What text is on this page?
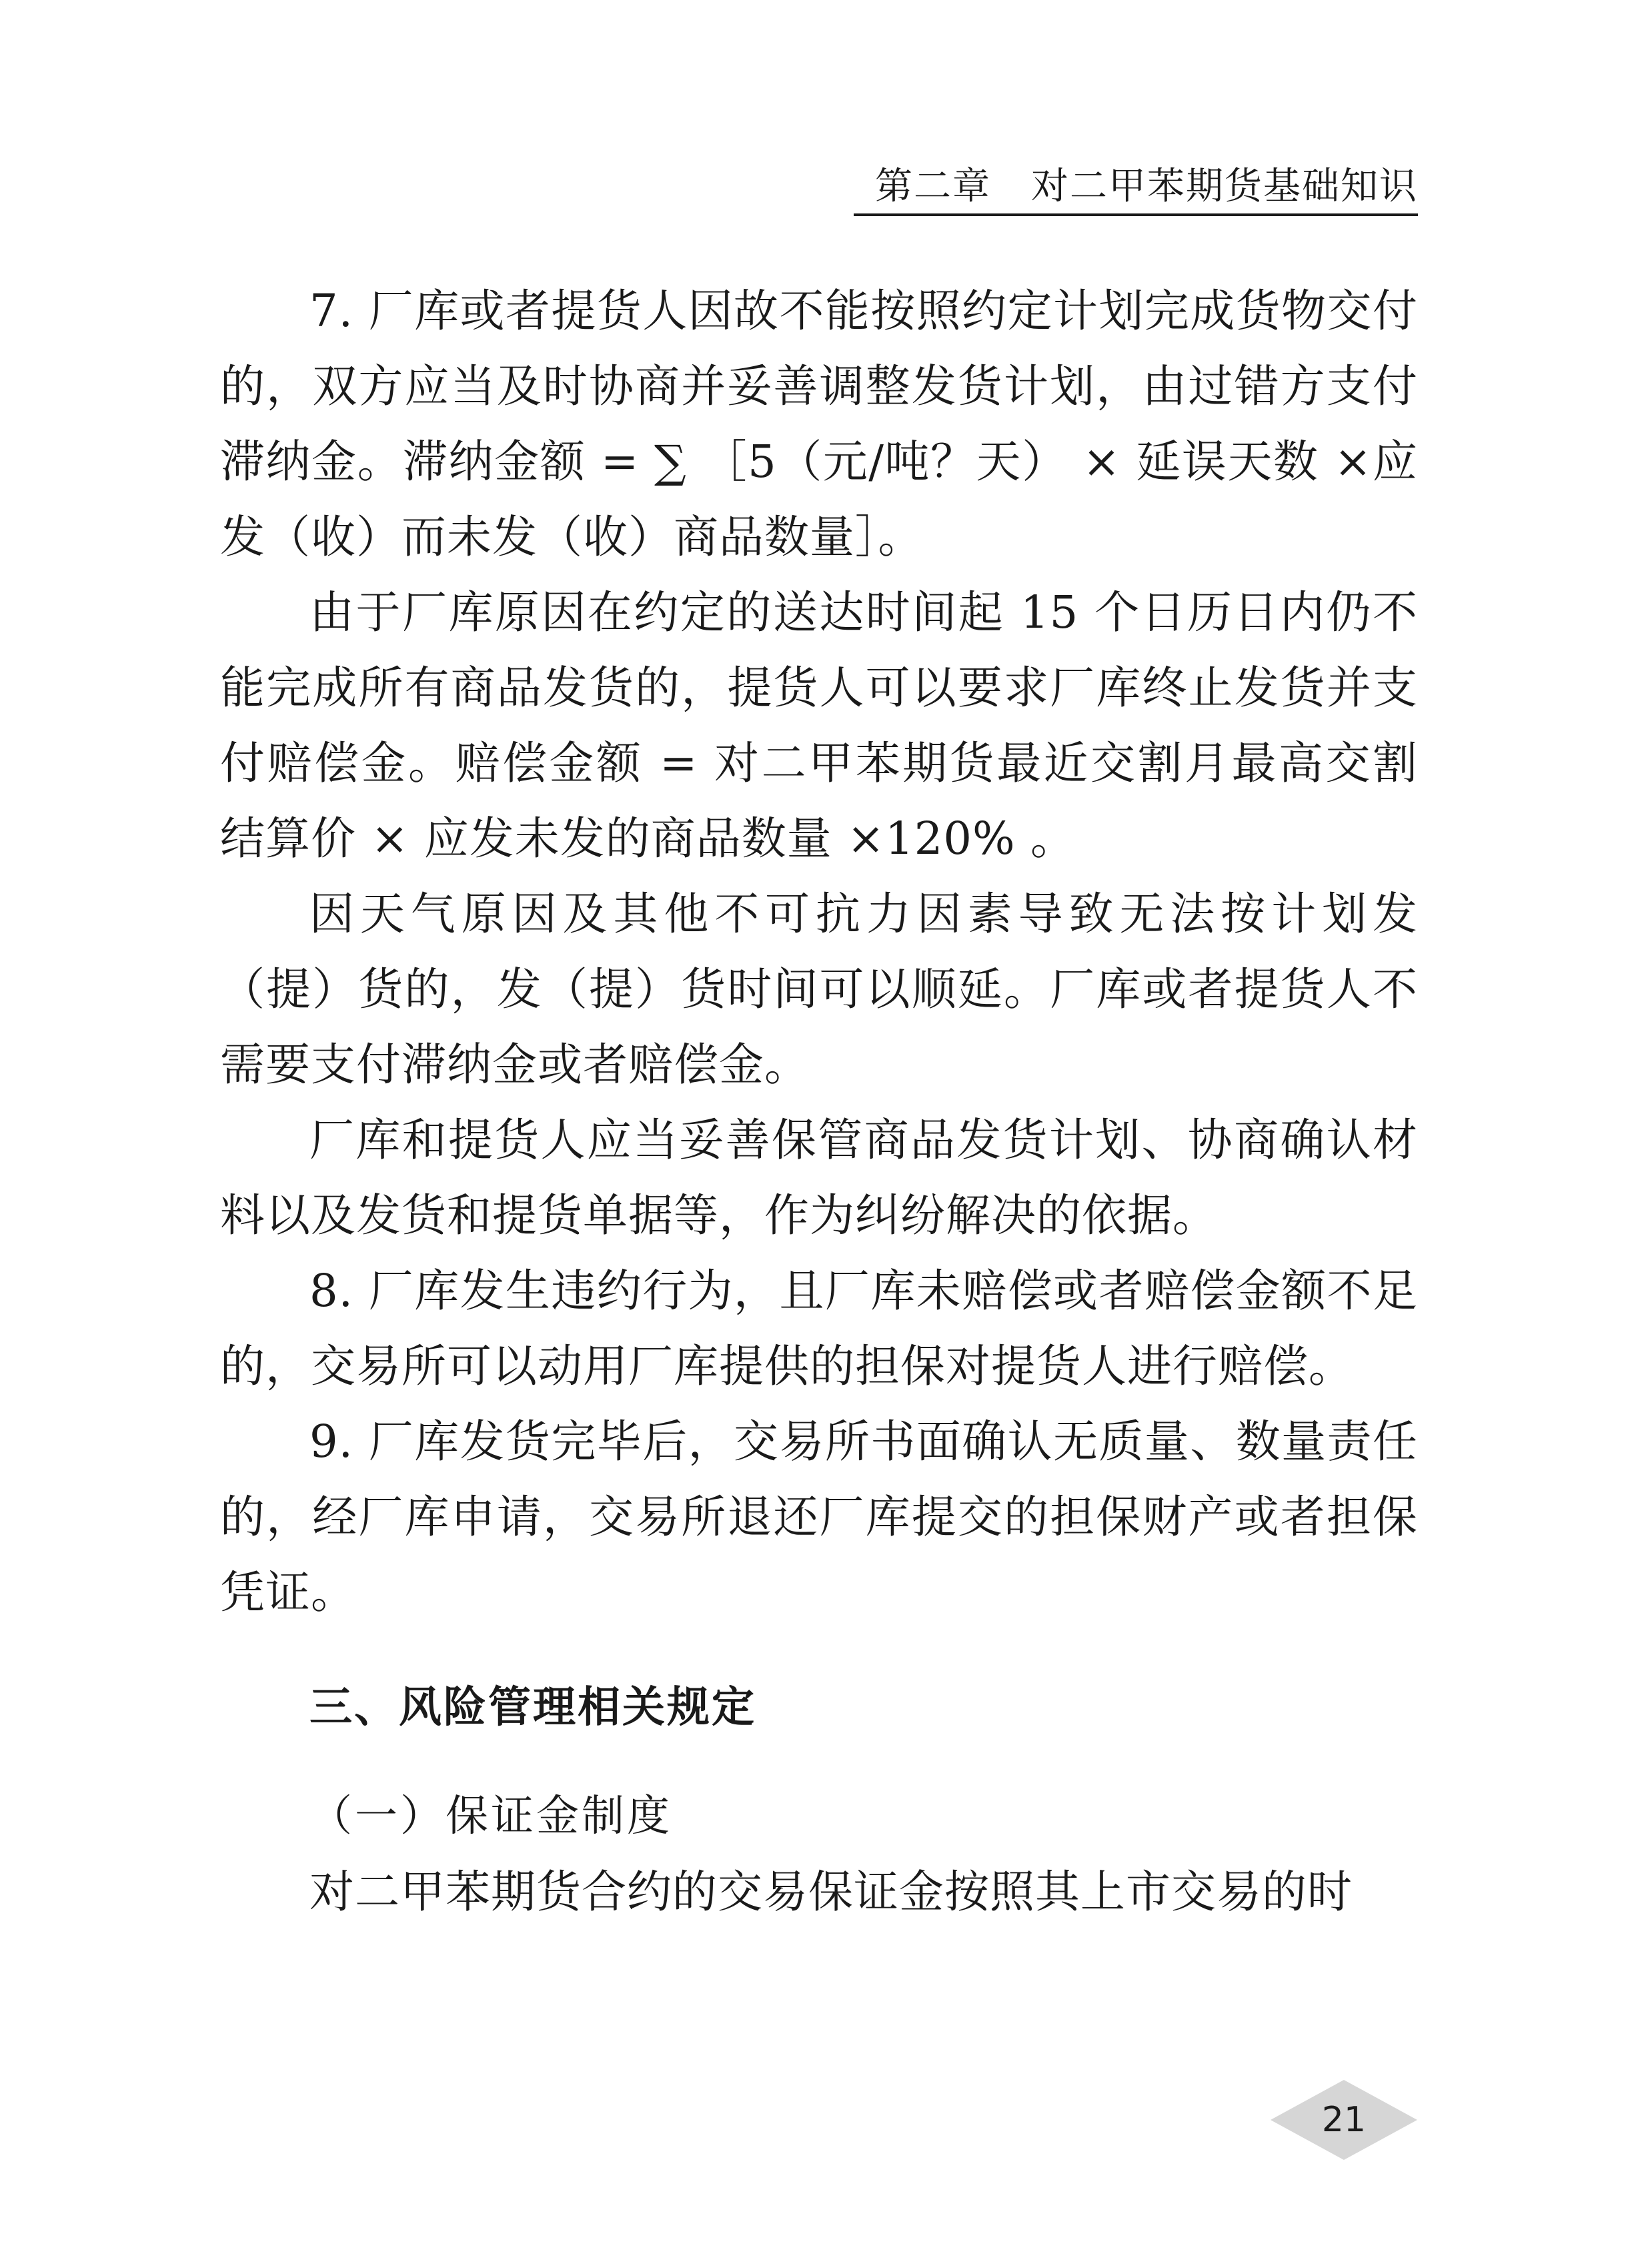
第二章 对二甲苯期货基础知识

7. 厂库或者提货人因故不能按照约定计划完成货物交付的，双方应当及时协商并妥善调整发货计划，由过错方支付滞纳金。滞纳金额 = ∑ ［5（元/吨？天） × 延误天数 ×应发（收）而未发（收）商品数量］。

由于厂库原因在约定的送达时间起 15 个日历日内仍不能完成所有商品发货的，提货人可以要求厂库终止发货并支付赔偿金。赔偿金额 = 对二甲苯期货最近交割月最高交割结算价 × 应发未发的商品数量 ×120% 。

因天气原因及其他不可抗力因素导致无法按计划发（提）货的，发（提）货时间可以顺延。厂库或者提货人不需要支付滞纳金或者赔偿金。

厂库和提货人应当妥善保管商品发货计划、协商确认材料以及发货和提货单据等，作为纠纷解决的依据。

8. 厂库发生违约行为，且厂库未赔偿或者赔偿金额不足的，交易所可以动用厂库提供的担保对提货人进行赔偿。

9. 厂库发货完毕后，交易所书面确认无质量、数量责任的，经厂库申请，交易所退还厂库提交的担保财产或者担保凭证。

三、风险管理相关规定
（一）保证金制度

对二甲苯期货合约的交易保证金按照其上市交易的时

21
